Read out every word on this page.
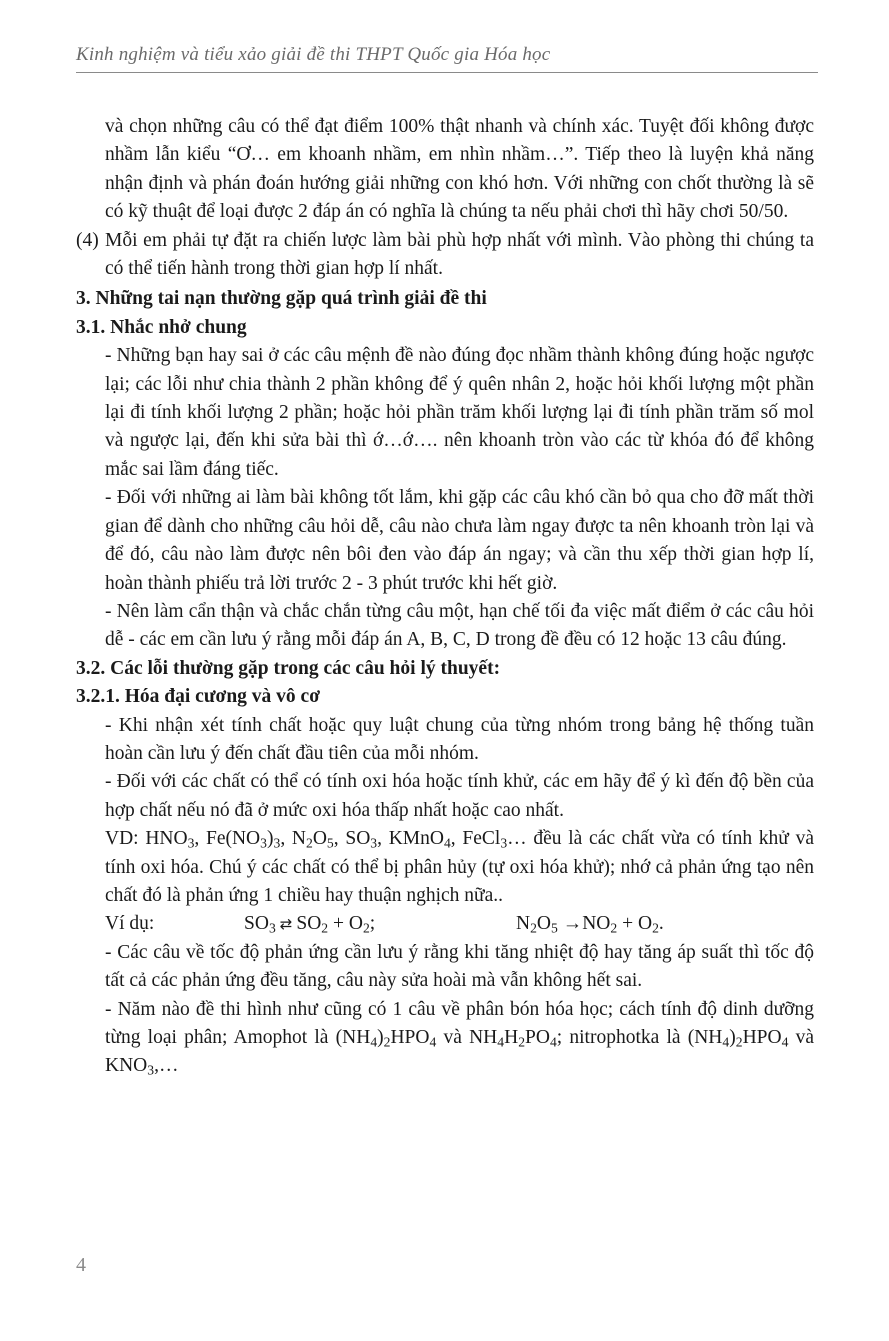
Kinh nghiệm và tiểu xảo giải đề thi THPT Quốc gia Hóa học

và chọn những câu có thể đạt điểm 100% thật nhanh và chính xác. Tuyệt đối không được nhầm lẫn kiểu “Ơ… em khoanh nhầm, em nhìn nhầm…”. Tiếp theo là luyện khả năng nhận định và phán đoán hướng giải những con khó hơn. Với những con chốt thường là sẽ có kỹ thuật để loại được 2 đáp án có nghĩa là chúng ta nếu phải chơi thì hãy chơi 50/50.

(4) Mỗi em phải tự đặt ra chiến lược làm bài phù hợp nhất với mình. Vào phòng thi chúng ta có thể tiến hành trong thời gian hợp lí nhất.

3. Những tai nạn thường gặp quá trình giải đề thi

3.1. Nhắc nhở chung

- Những bạn hay sai ở các câu mệnh đề nào đúng đọc nhầm thành không đúng hoặc ngược lại; các lỗi như chia thành 2 phần không để ý quên nhân 2, hoặc hỏi khối lượng một phần lại đi tính khối lượng 2 phần; hoặc hỏi phần trăm khối lượng lại đi tính phần trăm số mol và ngược lại, đến khi sửa bài thì ớ…ớ…. nên khoanh tròn vào các từ khóa đó để không mắc sai lầm đáng tiếc.

- Đối với những ai làm bài không tốt lắm, khi gặp các câu khó cần bỏ qua cho đỡ mất thời gian để dành cho những câu hỏi dễ, câu nào chưa làm ngay được ta nên khoanh tròn lại và để đó, câu nào làm được nên bôi đen vào đáp án ngay; và cần thu xếp thời gian hợp lí, hoàn thành phiếu trả lời trước 2 - 3 phút trước khi hết giờ.

- Nên làm cẩn thận và chắc chắn từng câu một, hạn chế tối đa việc mất điểm ở các câu hỏi dễ - các em cần lưu ý rằng mỗi đáp án A, B, C, D trong đề đều có 12 hoặc 13 câu đúng.

3.2. Các lỗi thường gặp trong các câu hỏi lý thuyết:

3.2.1. Hóa đại cương và vô cơ

- Khi nhận xét tính chất hoặc quy luật chung của từng nhóm trong bảng hệ thống tuần hoàn cần lưu ý đến chất đầu tiên của mỗi nhóm.

- Đối với các chất có thể có tính oxi hóa hoặc tính khử, các em hãy để ý kì đến độ bền của hợp chất nếu nó đã ở mức oxi hóa thấp nhất hoặc cao nhất.

VD: $HNO_3$, $Fe(NO_3)_3$, $N_2O_5$, $SO_3$, KMnO$_4$, FeCl$_3$… đều là các chất vừa có tính khử và tính oxi hóa. Chú ý các chất có thể bị phân hủy (tự oxi hóa khử); nhớ cả phản ứng tạo nên chất đó là phản ứng 1 chiều hay thuận nghịch nữa..

Ví dụ:	$SO_3$ ⇄ $SO_2 + O_2$;	$N_2O_5 \to NO_2 + O_2$.

- Các câu về tốc độ phản ứng cần lưu ý rằng khi tăng nhiệt độ hay tăng áp suất thì tốc độ tất cả các phản ứng đều tăng, câu này sửa hoài mà vẫn không hết sai.

- Năm nào đề thi hình như cũng có 1 câu về phân bón hóa học; cách tính độ dinh dưỡng từng loại phân; Amophot là $(NH_4)_2HPO_4$ và $NH_4H_2PO_4$; nitrophotka là $(NH_4)_2HPO_4$ và $KNO_3,\dots$

4
